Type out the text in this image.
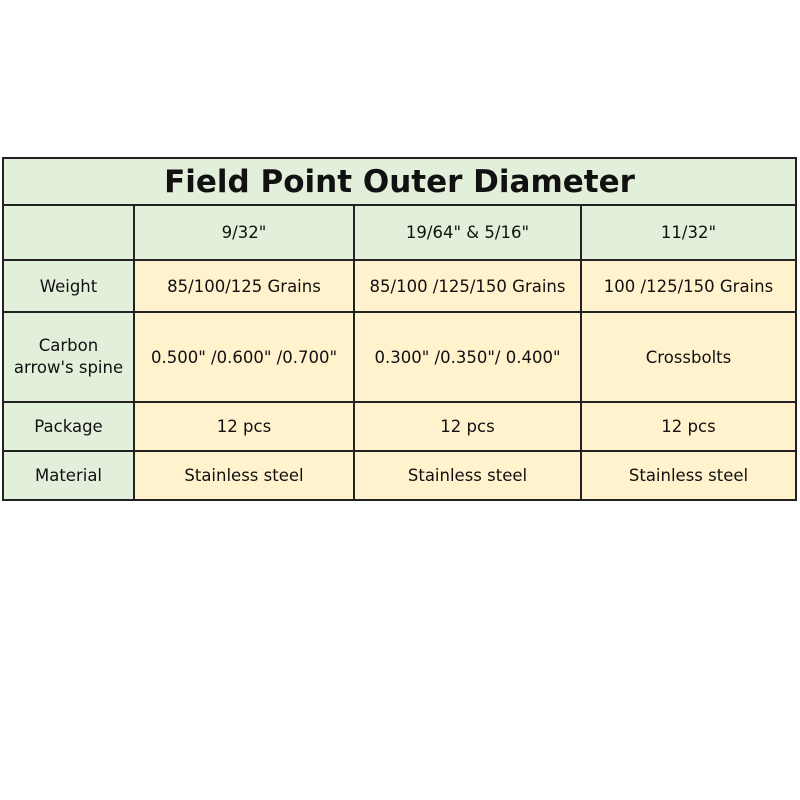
Field Point Outer Diameter			
	9/32"	19/64" & 5/16"	11/32"
Weight	85/100/125 Grains	85/100 /125/150 Grains	100 /125/150 Grains
Carbon arrow's spine	0.500" /0.600" /0.700"	0.300" /0.350"/ 0.400"	Crossbolts
Package	12 pcs	12 pcs	12 pcs
Material	Stainless steel	Stainless steel	Stainless steel
